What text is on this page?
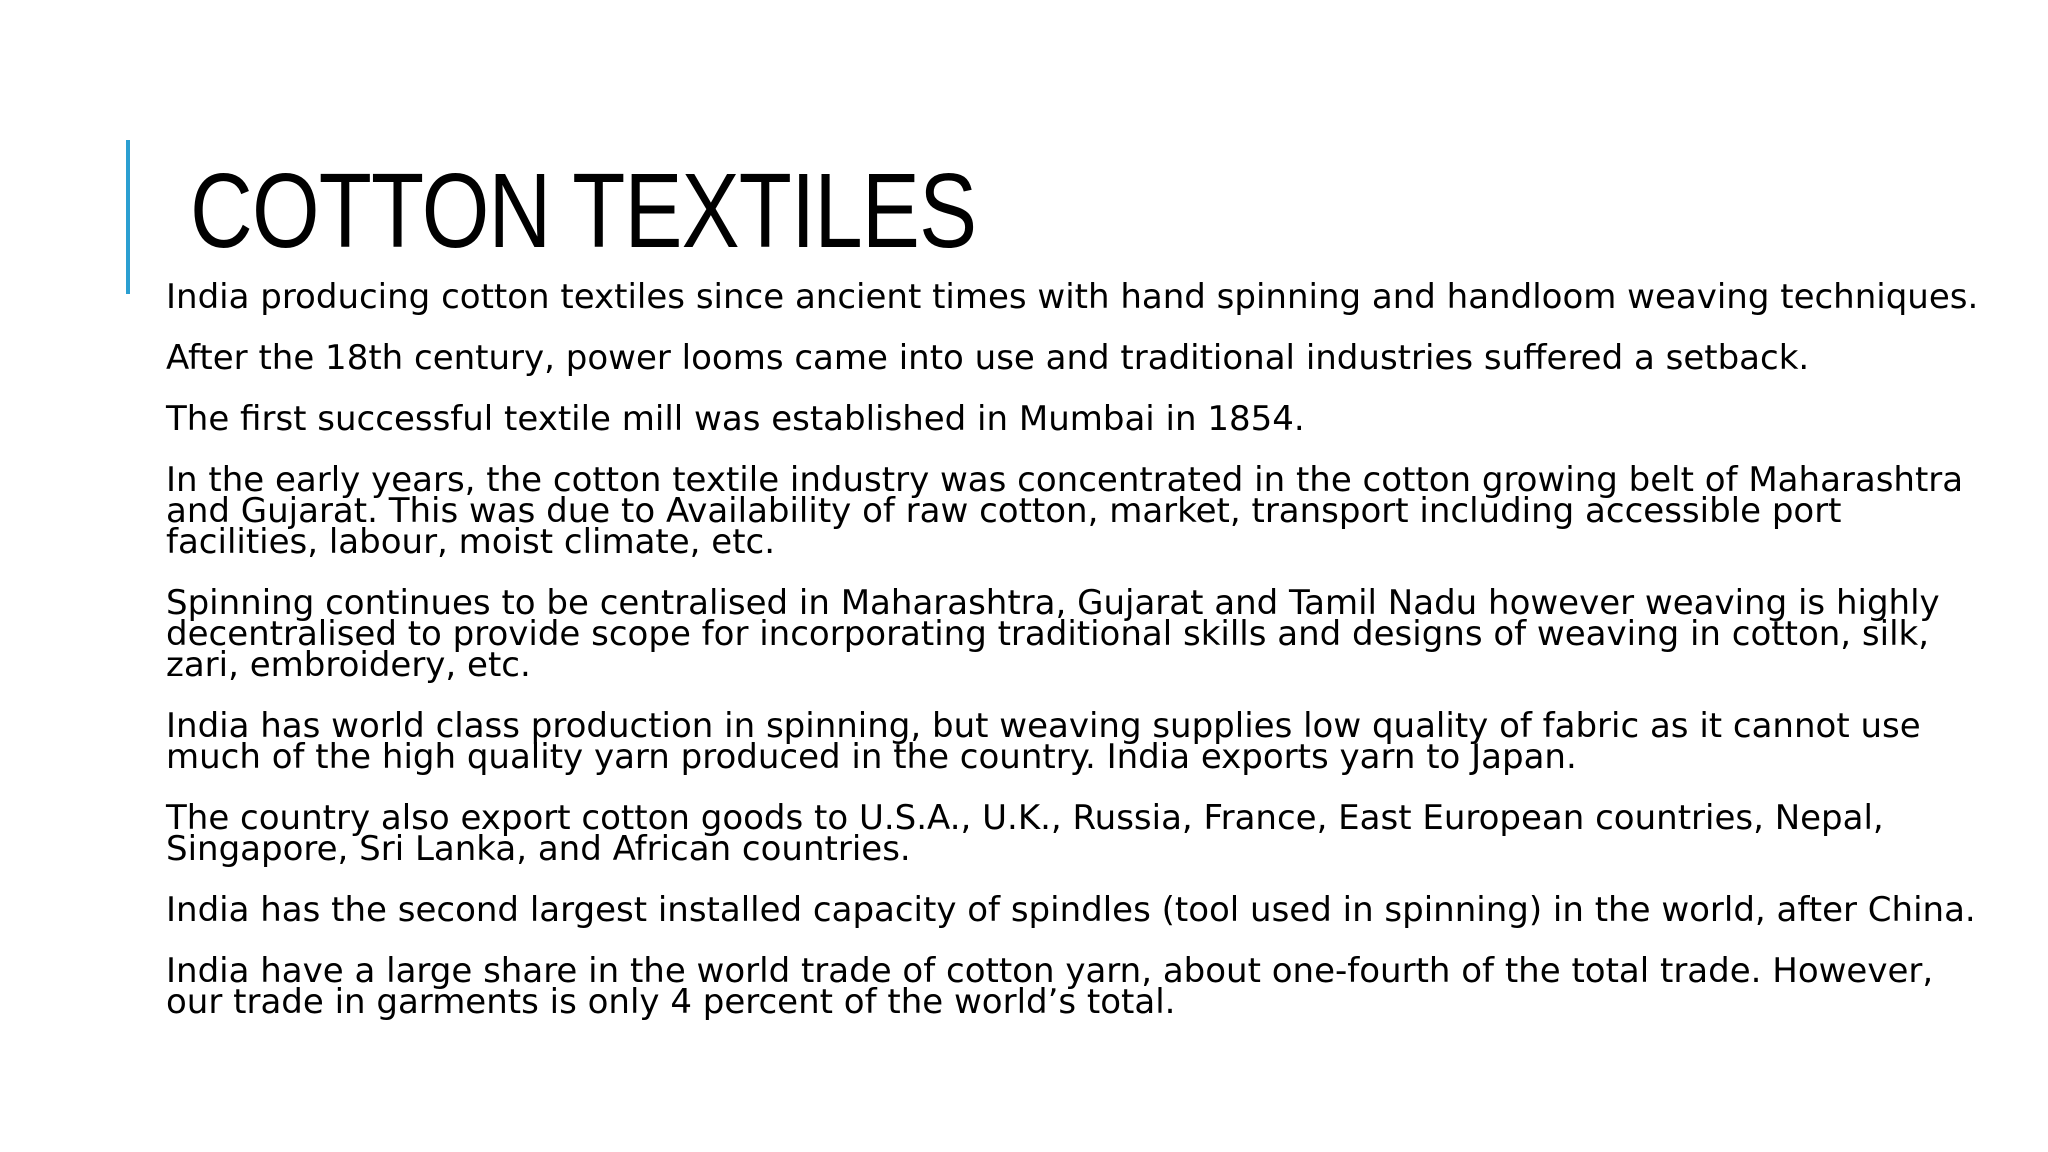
COTTON TEXTILES

India producing cotton textiles since ancient times with hand spinning and handloom weaving techniques.

After the 18th century, power looms came into use and traditional industries suffered a setback.

The first successful textile mill was established in Mumbai in 1854.

In the early years, the cotton textile industry was concentrated in the cotton growing belt of Maharashtra and Gujarat. This was due to Availability of raw cotton, market, transport including accessible port facilities, labour, moist climate, etc.

Spinning continues to be centralised in Maharashtra, Gujarat and Tamil Nadu however weaving is highly decentralised to provide scope for incorporating traditional skills and designs of weaving in cotton, silk, zari, embroidery, etc.

India has world class production in spinning, but weaving supplies low quality of fabric as it cannot use much of the high quality yarn produced in the country. India exports yarn to Japan.

The country also export cotton goods to U.S.A., U.K., Russia, France, East European countries, Nepal, Singapore, Sri Lanka, and African countries.

India has the second largest installed capacity of spindles (tool used in spinning) in the world, after China.

India have a large share in the world trade of cotton yarn, about one-fourth of the total trade. However, our trade in garments is only 4 percent of the world’s total.
